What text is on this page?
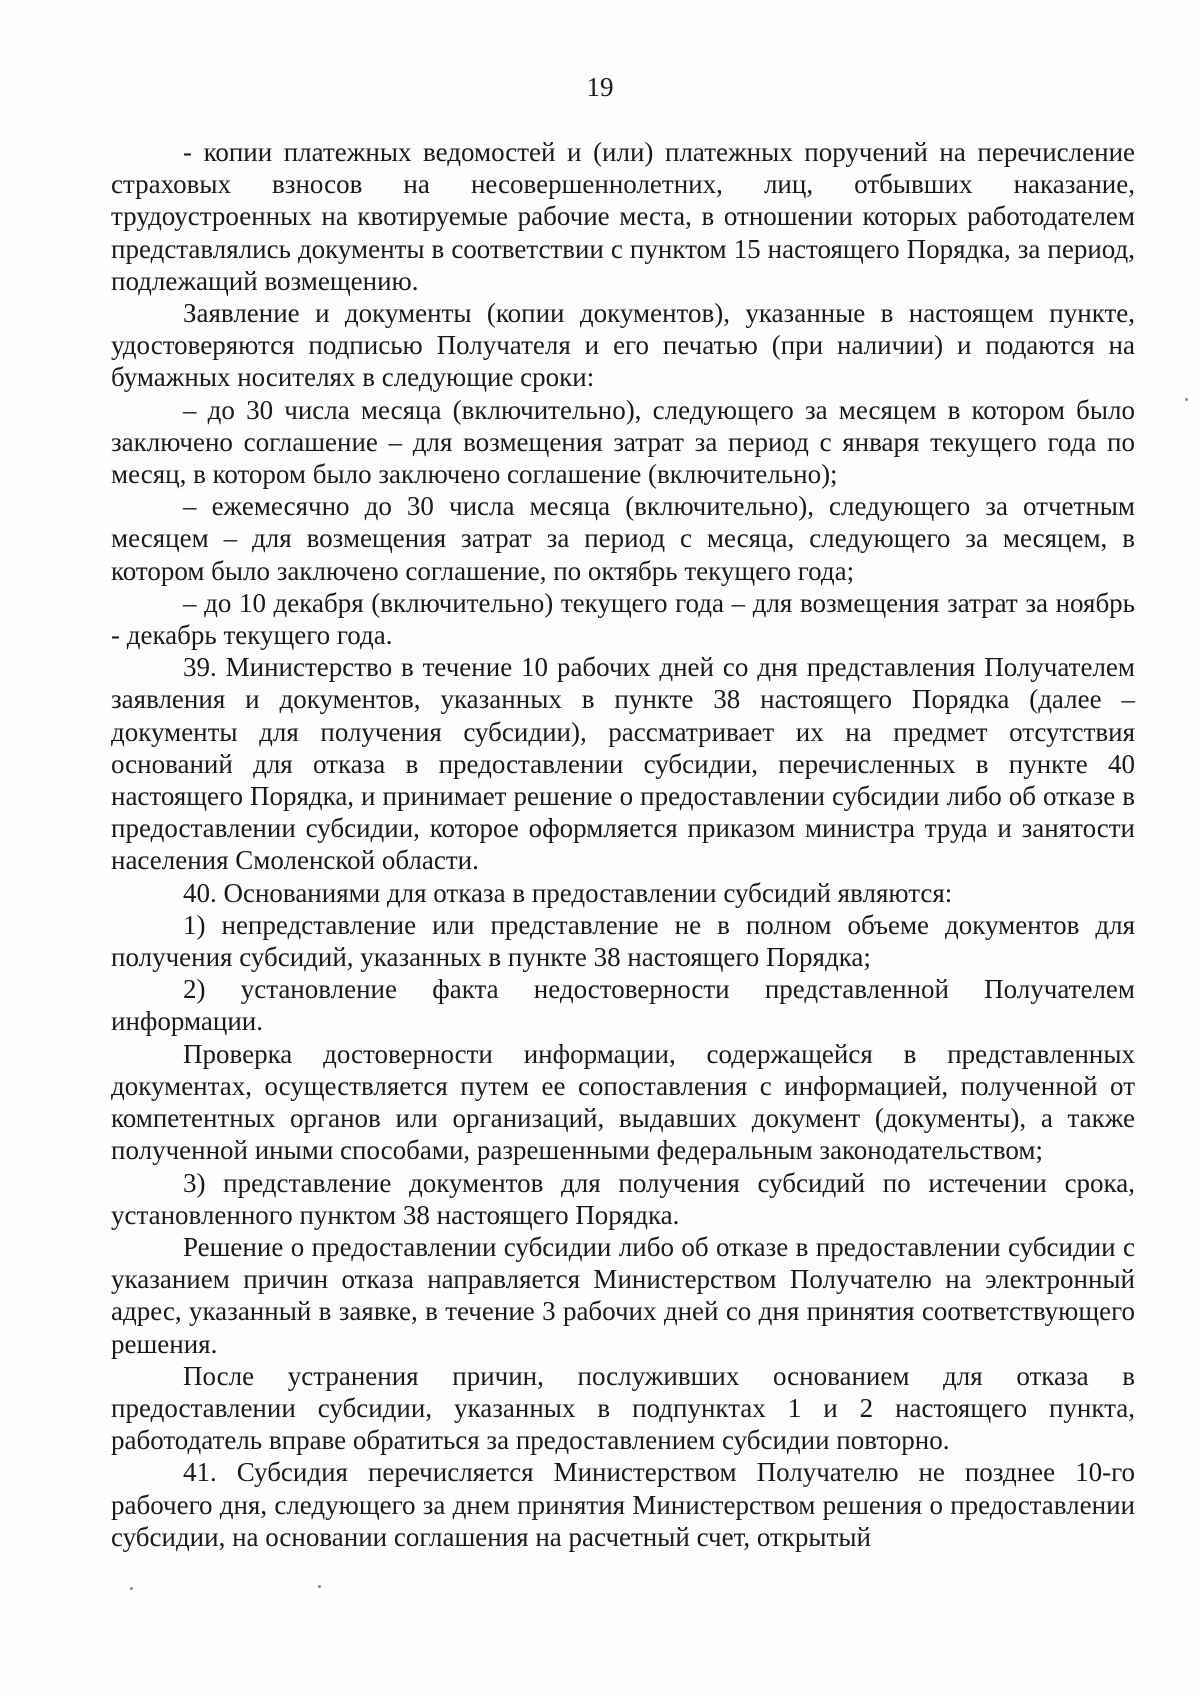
19

- копии платежных ведомостей и (или) платежных поручений на перечисление страховых взносов на несовершеннолетних, лиц, отбывших наказание, трудоустроенных на квотируемые рабочие места, в отношении которых работодателем представлялись документы в соответствии с пунктом 15 настоящего Порядка, за период, подлежащий возмещению.

Заявление и документы (копии документов), указанные в настоящем пункте, удостоверяются подписью Получателя и его печатью (при наличии) и подаются на бумажных носителях в следующие сроки:

– до 30 числа месяца (включительно), следующего за месяцем в котором было заключено соглашение – для возмещения затрат за период с января текущего года по месяц, в котором было заключено соглашение (включительно);

– ежемесячно до 30 числа месяца (включительно), следующего за отчетным месяцем – для возмещения затрат за период с месяца, следующего за месяцем, в котором было заключено соглашение, по октябрь текущего года;

– до 10 декабря (включительно) текущего года – для возмещения затрат за ноябрь - декабрь текущего года.

39. Министерство в течение 10 рабочих дней со дня представления Получателем заявления и документов, указанных в пункте 38 настоящего Порядка (далее – документы для получения субсидии), рассматривает их на предмет отсутствия оснований для отказа в предоставлении субсидии, перечисленных в пункте 40 настоящего Порядка, и принимает решение о предоставлении субсидии либо об отказе в предоставлении субсидии, которое оформляется приказом министра труда и занятости населения Смоленской области.

40. Основаниями для отказа в предоставлении субсидий являются:

1) непредставление или представление не в полном объеме документов для получения субсидий, указанных в пункте 38 настоящего Порядка;

2) установление факта недостоверности представленной Получателем информации.

Проверка достоверности информации, содержащейся в представленных документах, осуществляется путем ее сопоставления с информацией, полученной от компетентных органов или организаций, выдавших документ (документы), а также полученной иными способами, разрешенными федеральным законодательством;

3) представление документов для получения субсидий по истечении срока, установленного пунктом 38 настоящего Порядка.

Решение о предоставлении субсидии либо об отказе в предоставлении субсидии с указанием причин отказа направляется Министерством Получателю на электронный адрес, указанный в заявке, в течение 3 рабочих дней со дня принятия соответствующего решения.

После устранения причин, послуживших основанием для отказа в предоставлении субсидии, указанных в подпунктах 1 и 2 настоящего пункта, работодатель вправе обратиться за предоставлением субсидии повторно.

41. Субсидия перечисляется Министерством Получателю не позднее 10-го рабочего дня, следующего за днем принятия Министерством решения о предоставлении субсидии, на основании соглашения на расчетный счет, открытый
